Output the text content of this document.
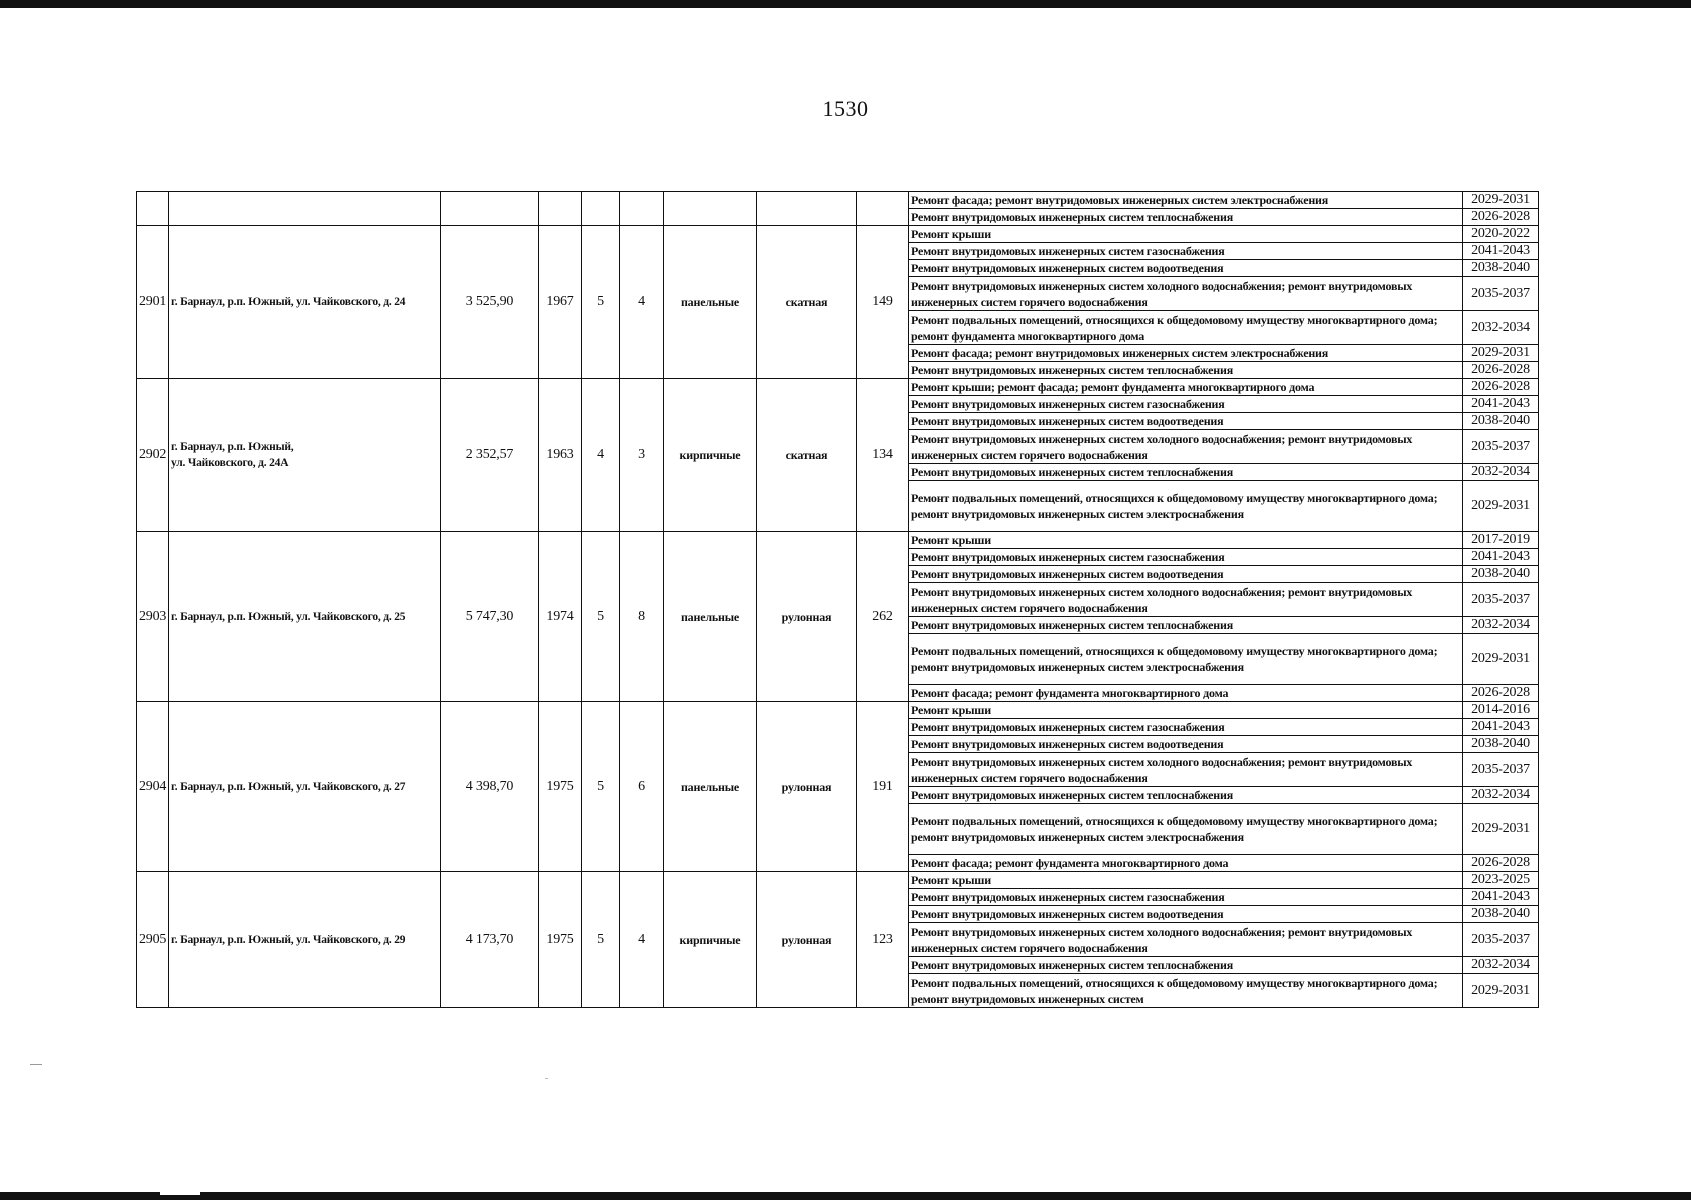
1530
									Ремонт фасада; ремонт внутридомовых инженерных систем электроснабжения	2029-2031
									Ремонт внутридомовых инженерных систем теплоснабжения	2026-2028
2901	г. Барнаул, р.п. Южный, ул. Чайковского, д. 24	3 525,90	1967	5	4	панельные	скатная	149	Ремонт крыши	2020-2022
									Ремонт внутридомовых инженерных систем газоснабжения	2041-2043
									Ремонт внутридомовых инженерных систем водоотведения	2038-2040
									Ремонт внутридомовых инженерных систем холодного водоснабжения; ремонт внутридомовых инженерных систем горячего водоснабжения	2035-2037
									Ремонт подвальных помещений, относящихся к общедомовому имуществу многоквартирного дома; ремонт фундамента многоквартирного дома	2032-2034
									Ремонт фасада; ремонт внутридомовых инженерных систем электроснабжения	2029-2031
									Ремонт внутридомовых инженерных систем теплоснабжения	2026-2028
2902	г. Барнаул, р.п. Южный,
ул. Чайковского, д. 24А	2 352,57	1963	4	3	кирпичные	скатная	134	Ремонт крыши; ремонт фасада; ремонт фундамента многоквартирного дома	2026-2028
									Ремонт внутридомовых инженерных систем газоснабжения	2041-2043
									Ремонт внутридомовых инженерных систем водоотведения	2038-2040
									Ремонт внутридомовых инженерных систем холодного водоснабжения; ремонт внутридомовых инженерных систем горячего водоснабжения	2035-2037
									Ремонт внутридомовых инженерных систем теплоснабжения	2032-2034
									Ремонт подвальных помещений, относящихся к общедомовому имуществу многоквартирного дома; ремонт внутридомовых инженерных систем электроснабжения	2029-2031
2903	г. Барнаул, р.п. Южный, ул. Чайковского, д. 25	5 747,30	1974	5	8	панельные	рулонная	262	Ремонт крыши	2017-2019
									Ремонт внутридомовых инженерных систем газоснабжения	2041-2043
									Ремонт внутридомовых инженерных систем водоотведения	2038-2040
									Ремонт внутридомовых инженерных систем холодного водоснабжения; ремонт внутридомовых инженерных систем горячего водоснабжения	2035-2037
									Ремонт внутридомовых инженерных систем теплоснабжения	2032-2034
									Ремонт подвальных помещений, относящихся к общедомовому имуществу многоквартирного дома; ремонт внутридомовых инженерных систем электроснабжения	2029-2031
									Ремонт фасада; ремонт фундамента многоквартирного дома	2026-2028
2904	г. Барнаул, р.п. Южный, ул. Чайковского, д. 27	4 398,70	1975	5	6	панельные	рулонная	191	Ремонт крыши	2014-2016
									Ремонт внутридомовых инженерных систем газоснабжения	2041-2043
									Ремонт внутридомовых инженерных систем водоотведения	2038-2040
									Ремонт внутридомовых инженерных систем холодного водоснабжения; ремонт внутридомовых инженерных систем горячего водоснабжения	2035-2037
									Ремонт внутридомовых инженерных систем теплоснабжения	2032-2034
									Ремонт подвальных помещений, относящихся к общедомовому имуществу многоквартирного дома; ремонт внутридомовых инженерных систем электроснабжения	2029-2031
									Ремонт фасада; ремонт фундамента многоквартирного дома	2026-2028
2905	г. Барнаул, р.п. Южный, ул. Чайковского, д. 29	4 173,70	1975	5	4	кирпичные	рулонная	123	Ремонт крыши	2023-2025
									Ремонт внутридомовых инженерных систем газоснабжения	2041-2043
									Ремонт внутридомовых инженерных систем водоотведения	2038-2040
									Ремонт внутридомовых инженерных систем холодного водоснабжения; ремонт внутридомовых инженерных систем горячего водоснабжения	2035-2037
									Ремонт внутридомовых инженерных систем теплоснабжения	2032-2034
									Ремонт подвальных помещений, относящихся к общедомовому имуществу многоквартирного дома; ремонт внутридомовых инженерных систем	2029-2031
